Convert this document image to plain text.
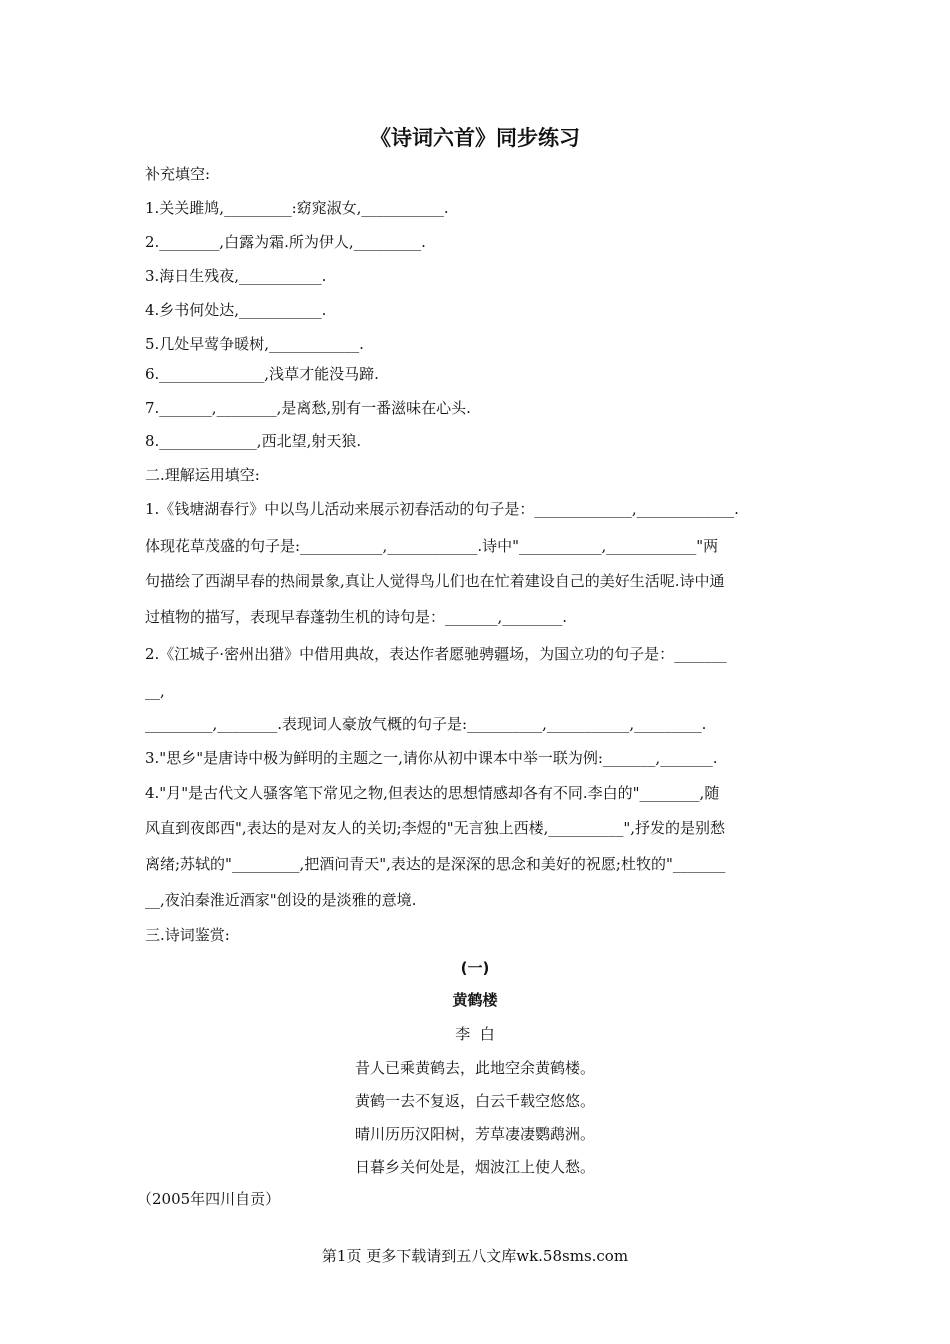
《诗词六首》同步练习
补充填空:
1.关关雎鸠,_________:窈窕淑女,___________.
2.________,白露为霜.所为伊人,_________.
3.海日生残夜,___________.
4.乡书何处达,___________.
5.几处早莺争暖树,____________.
6.______________,浅草才能没马蹄.
7._______,________,是离愁,别有一番滋味在心头.
8._____________,西北望,射天狼.
二.理解运用填空:
1.《钱塘湖春行》中以鸟儿活动来展示初春活动的句子是：_____________,_____________.
体现花草茂盛的句子是:___________,____________.诗中"___________,____________"两
句描绘了西湖早春的热闹景象,真让人觉得鸟儿们也在忙着建设自己的美好生活呢.诗中通
过植物的描写，表现早春蓬勃生机的诗句是：_______,________.
2.《江城子·密州出猎》中借用典故，表达作者愿驰骋疆场，为国立功的句子是：_______
__,
_________,________.表现词人豪放气概的句子是:__________,___________,_________.
3."思乡"是唐诗中极为鲜明的主题之一,请你从初中课本中举一联为例:_______,_______.
4."月"是古代文人骚客笔下常见之物,但表达的思想情感却各有不同.李白的"________,随
风直到夜郎西",表达的是对友人的关切;李煜的"无言独上西楼,__________",抒发的是别愁
离绪;苏轼的"_________,把酒问青天",表达的是深深的思念和美好的祝愿;杜牧的"_______
__,夜泊秦淮近酒家"创设的是淡雅的意境.
三.诗词鉴赏:
(一)
黄鹤楼
李  白
昔人已乘黄鹤去，此地空余黄鹤楼。
黄鹤一去不复返，白云千载空悠悠。
晴川历历汉阳树，芳草凄凄鹦鹉洲。
日暮乡关何处是，烟波江上使人愁。
（2005年四川自贡）
第1页 更多下载请到五八文库wk.58sms.com
